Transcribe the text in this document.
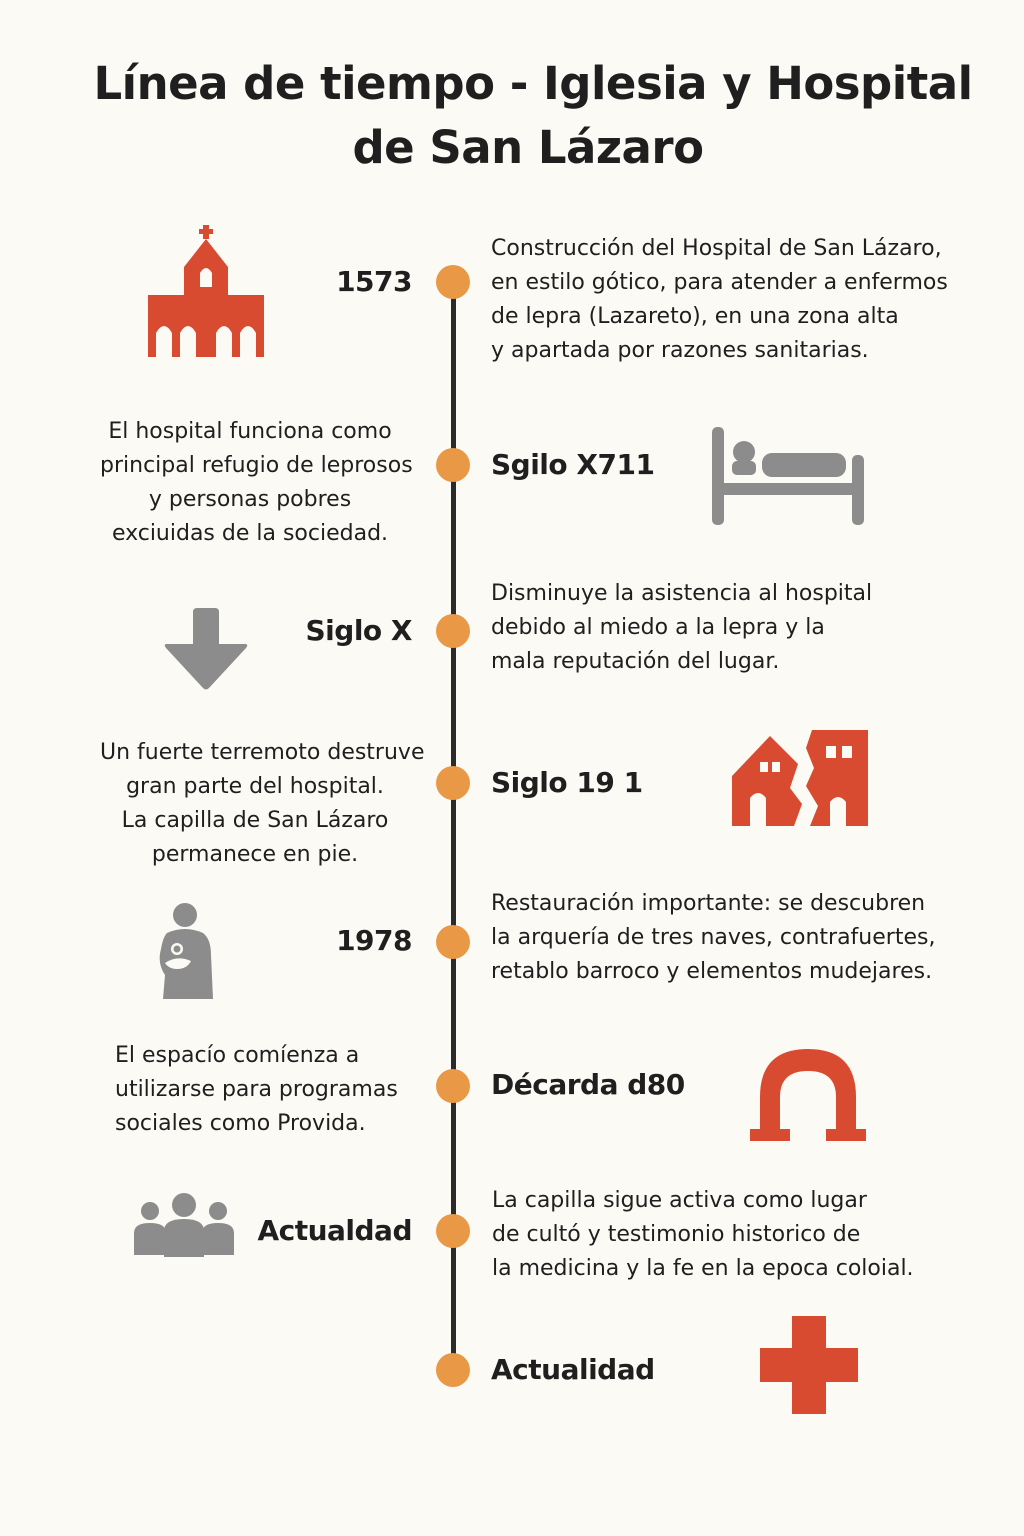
Línea de tiempo - Iglesia y Hospital
de San Lázaro
1573
Sgilo X711
Siglo X
Siglo 19 1
1978
Décarda d80
Actualdad
Actualidad
Construcción del Hospital de San Lázaro,
en estilo gótico, para atender a enfermos
de lepra (Lazareto), en una zona alta
y apartada por razones sanitarias.
El hospital funciona como
principal refugio de leprosos
y personas pobres
exciuidas de la sociedad.
Disminuye la asistencia al hospital
debido al miedo a la lepra y la
mala reputación del lugar.
Un fuerte terremoto destruve
gran parte del hospital.
La capilla de San Lázaro
permanece en pie.
Restauración importante: se descubren
la arquería de tres naves, contrafuertes,
retablo barroco y elementos mudejares.
El espacío comíenza a
utilizarse para programas
sociales como Provida.
La capilla sigue activa como lugar
de cultó y testimonio historico de
la medicina y la fe en la epoca coloial.
